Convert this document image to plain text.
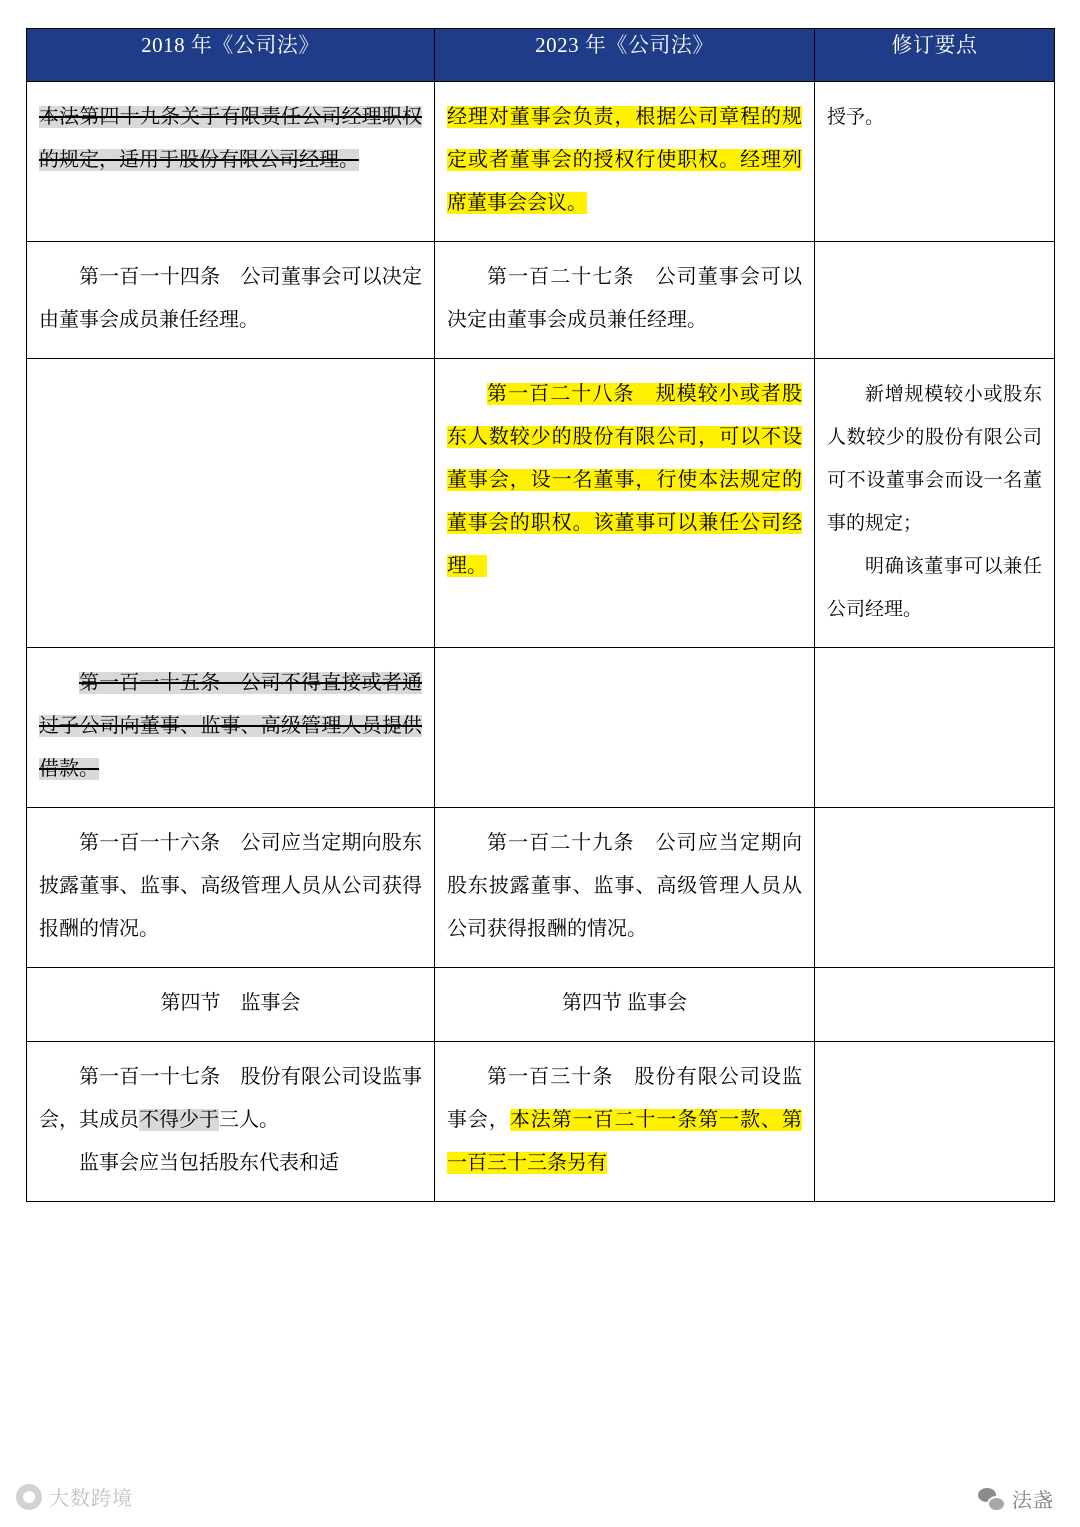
2018 年《公司法》	2023 年《公司法》	修订要点

本法第四十九条关于有限责任公司经理职权的规定，适用于股份有限公司经理。	经理对董事会负责，根据公司章程的规定或者董事会的授权行使职权。经理列席董事会会议。	授予。

第一百一十四条　公司董事会可以决定由董事会成员兼任经理。	第一百二十七条　公司董事会可以决定由董事会成员兼任经理。	

	第一百二十八条　规模较小或者股东人数较少的股份有限公司，可以不设董事会，设一名董事，行使本法规定的董事会的职权。该董事可以兼任公司经理。	新增规模较小或股东人数较少的股份有限公司可不设董事会而设一名董事的规定；
明确该董事可以兼任公司经理。

第一百一十五条　公司不得直接或者通过子公司向董事、监事、高级管理人员提供借款。		

第一百一十六条　公司应当定期向股东披露董事、监事、高级管理人员从公司获得报酬的情况。	第一百二十九条　公司应当定期向股东披露董事、监事、高级管理人员从公司获得报酬的情况。	

第四节　监事会	第四节 监事会	

第一百一十七条　股份有限公司设监事会，其成员不得少于三人。
监事会应当包括股东代表和适	第一百三十条　股份有限公司设监事会，本法第一百二十一条第一款、第一百三十三条另有	

大数跨境	法盏
